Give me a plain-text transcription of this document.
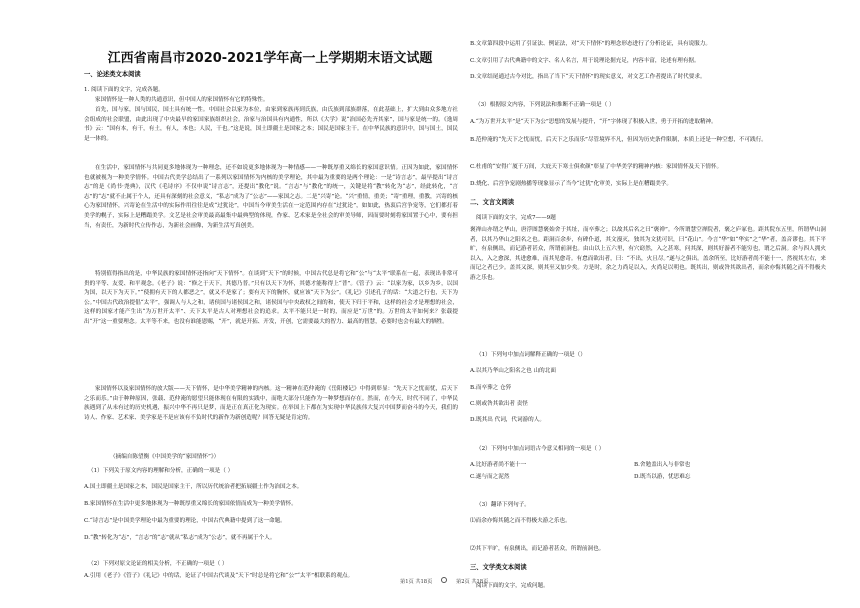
江西省南昌市2020-2021学年高一上学期期末语文试题
一、论述类文本阅读
1. 阅读下面的文字，完成各题。
家国情怀是一种人类的共通意识，但中国人的家国情怀有它的特殊性。
首先，国与家，国与国民，国土具有统一性。中国社会以家为本位，由家到家族再到氏族，由氏族到部族群落，在此基础上，扩大到由众多地方社会组成的社会联盟，由此出现了中央最早的家国家族组织社会。治家与治国具有内通性，所以《大学》说“治国必先齐其家”，国与家是统一的。《逸周书》云：“国有本，有干，有土，有人，本也；人民，干也。”这是说，国土即疆土是国家之本；国民是国家主干。在中华民族的意识中，国与国土，国民是一体的。
在生活中，家国情怀与共同更多地体现为一种理念，还不如说更多地体现为一种情感——一种既厚重又绵长的家国意识情。正因为如此，家国情怀也就被视为一种美学情怀。中国古代美学总结出了一系列以家国情怀为内核的美学理论，其中最为重要的是两个理论：一是“诗言志”，最早提出“诗言志”的是《尚书·尧典》，汉代《毛诗序》不仅申说“诗言志”，还提出“教化”说。“言志”与“教化”的统一，关键是将“教”转化为“志”，经此转化，“言志”的“志”就不止属于个人，还具有深刻的社会意义，“私志”成为了“公志”——家国之志。二是“兴寄”论。“兴”重情，重美；“寄”重理，重教，兴寄的核心为家国情怀，兴寄论在生活中的实际作用往往是成“过犹论”，中国当今审美生活在一定范围内存在“过犹论”，如如此，热衷后宫争宠等，它们都打着美学的幌子，实际上是糟蹋美学。文艺是社会审美最高最集中最典型的体现，作家、艺术家是全社会的审美导师，因而要时刻将家国置于心中，要有担当，有责任，为新时代立传作志，为新社会画像，为新生活写真创美。
特别值得指出的是，中华民族的家国情怀还指向“天下情怀”。在谈到“天下”的时候，中国古代总是将它和“公”与“太平”联系在一起，表现出非常可贵的平等、友爱、和平观念。《老子》说：“修之于天下，其德乃普。”只有以天下为怀，其德才能称得上“普”。《管子》云：“以家为家，以乡为乡，以国为国，以天下为天下。”“使拥有天下的人都恶之”，就又不是家了；要有天下的胸怀，就应该“天下为公”。《礼记》引述孔子的话：“大道之行也，天下为公。”中国古代政治提倡“太平”，强调人与人之和，诸侯国与诸侯国之和，诸侯国与中央政权之间的和，使天下归于平和，这样的社会才是理想的社会，这样的国家才能产生出“为万世开太平”、天下太平是古人对理想社会的追求。太平不能只是一时的，而应是“万世”的。万世的太平如何来？张载提出“开”这一重要理念。太平等不来，也没有谁能恩赐，“开”，就是开拓、开发，开创，它需要最大的智力、最高的智慧，必要时也会有最大的牺牲。
家国情怀以及家国情怀的放大版——天下情怀，是中华美学精神的内核。这一精神在范仲淹的《岳阳楼记》中得到彰显：“先天下之忧而忧，后天下之乐而乐。”由于种种原因，张载、范仲淹的愿望只能体现在有限的实践中，而绝大部分只能作为一种梦想而存在。然而，在今天，时代不同了，中华民族遇到了从未有过的历史机遇，振兴中华不再只是梦，而是正在真正化为现实。在举国上下都在为实现中华民族伟大复兴中国梦而奋斗的今天，我们的诗人、作家、艺术家、美学家是不是应该有不负时代的新作为新创造呢？回答无疑是肯定的。
（摘编自陈望衡《中国美学的“家国情怀”》）
（1）下列关于原文内容的理解和分析，正确的一项是（ ）
A.国土即疆土是国家之本，国民是国家主干，所以历代统治者把拓展疆土作为治国之本。
B.家国情怀在生活中更多地体现为一种既厚重又绵长的家国依情而成为一种美学情怀。
C.“诗言志”是中国美学理论中最为重要的理论，中国古代典籍中提到了这一命题。
D.“教”转化为“志”，“言志”的“志”就从“私志”成为“公志”，就不再属于个人。
（2）下列对原文论证的相关分析，不正确的一项是（ ）
A.引用《老子》《管子》《礼记》中的话，论证了中国古代谈及“天下”时总是将它和“公”“太平”相联系的观点。
B.文章第四段中运用了引证法、例证法，对“天下情怀”的理念形态进行了分析论证，具有说服力。
C.文章引用了古代典籍中的文字、名人名言，用于说理论据充足，内容丰富，论述有理有据。
D.文章结尾通过古今对比，指出了当下“天下情怀”的现实意义，对文艺工作者提出了时代要求。
（3）根据原文内容，下列说法和推断不正确一项是（ ）
A.“为万世开太平”是“天下为公”思想的发展与提升，“开”字体现了积极入世，勇于开拓的进取精神。
B.范仲淹的“先天下之忧而忧，后天下之乐而乐”尽管境界不凡，但因为历史条件限制，本质上还是一种空想，不可践行。
C.杜甫的“安得广厦千万间，大庇天下寒士俱欢颜”彰显了中华美学的精神内核：家国情怀及天下情怀。
D.烧化、后宫争宠剧热播等现象显示了当今“过犹”化审美，实际上是在糟蹋美学。
二、文言文阅读
阅读下面的文字，完成7——9题
褒禅山亦谓之华山，唐浮图慧褒始舍于其址，而卒葬之；以故其后名之曰“褒禅”。今所谓慧空禅院者，褒之庐冢也。距其院东五里，所谓华山洞者，以其乃华山之阳名之也。距洞百余步，有碑仆道，其文漫灭，独其为文犹可识，曰“花山”。今言“华”如“华实”之“华”者，盖音谬也。其下平旷，有泉侧出，而记游者甚众，所谓前洞也。由山以上五六里，有穴窈然，入之甚寒，问其深，则其好游者不能穷也，谓之后洞。余与四人拥火以入，入之愈深，其进愈难，而其见愈奇。有怠而欲出者，曰：“不出，火且尽。”遂与之俱出。盖余所至，比好游者尚不能十一，然视其左右，来而记之者已少。盖其又深，则其至又加少矣。方是时，余之力尚足以入，火尚足以明也。既其出，则或咎其欲出者，而余亦悔其随之而不得极夫游之乐也。
（1）下列句中加点词解释正确的一项是（）
A.以其乃华山之阳名之也 山的北面
B.而卒葬之 仓猝
C.则或咎其欲出者 责怪
D.既其出 代词，代词游的人。
（2）下列句中加点词语古今意义相同的一项是（ ）
A.比好游者尚不能十一	B.舍勉盖出入与非常也
C.遂与而之泥然	D.既当以游，忧思难忘
（3）翻译下列句子。
⑴而余亦悔其随之而不得极夫游之乐也。
⑵其下平旷，有泉侧出，而记游者甚众，所谓前洞也。
三、文学类文本阅读
阅读下面的文字，完成问题。
第1页 共18页	第2页 共18页
